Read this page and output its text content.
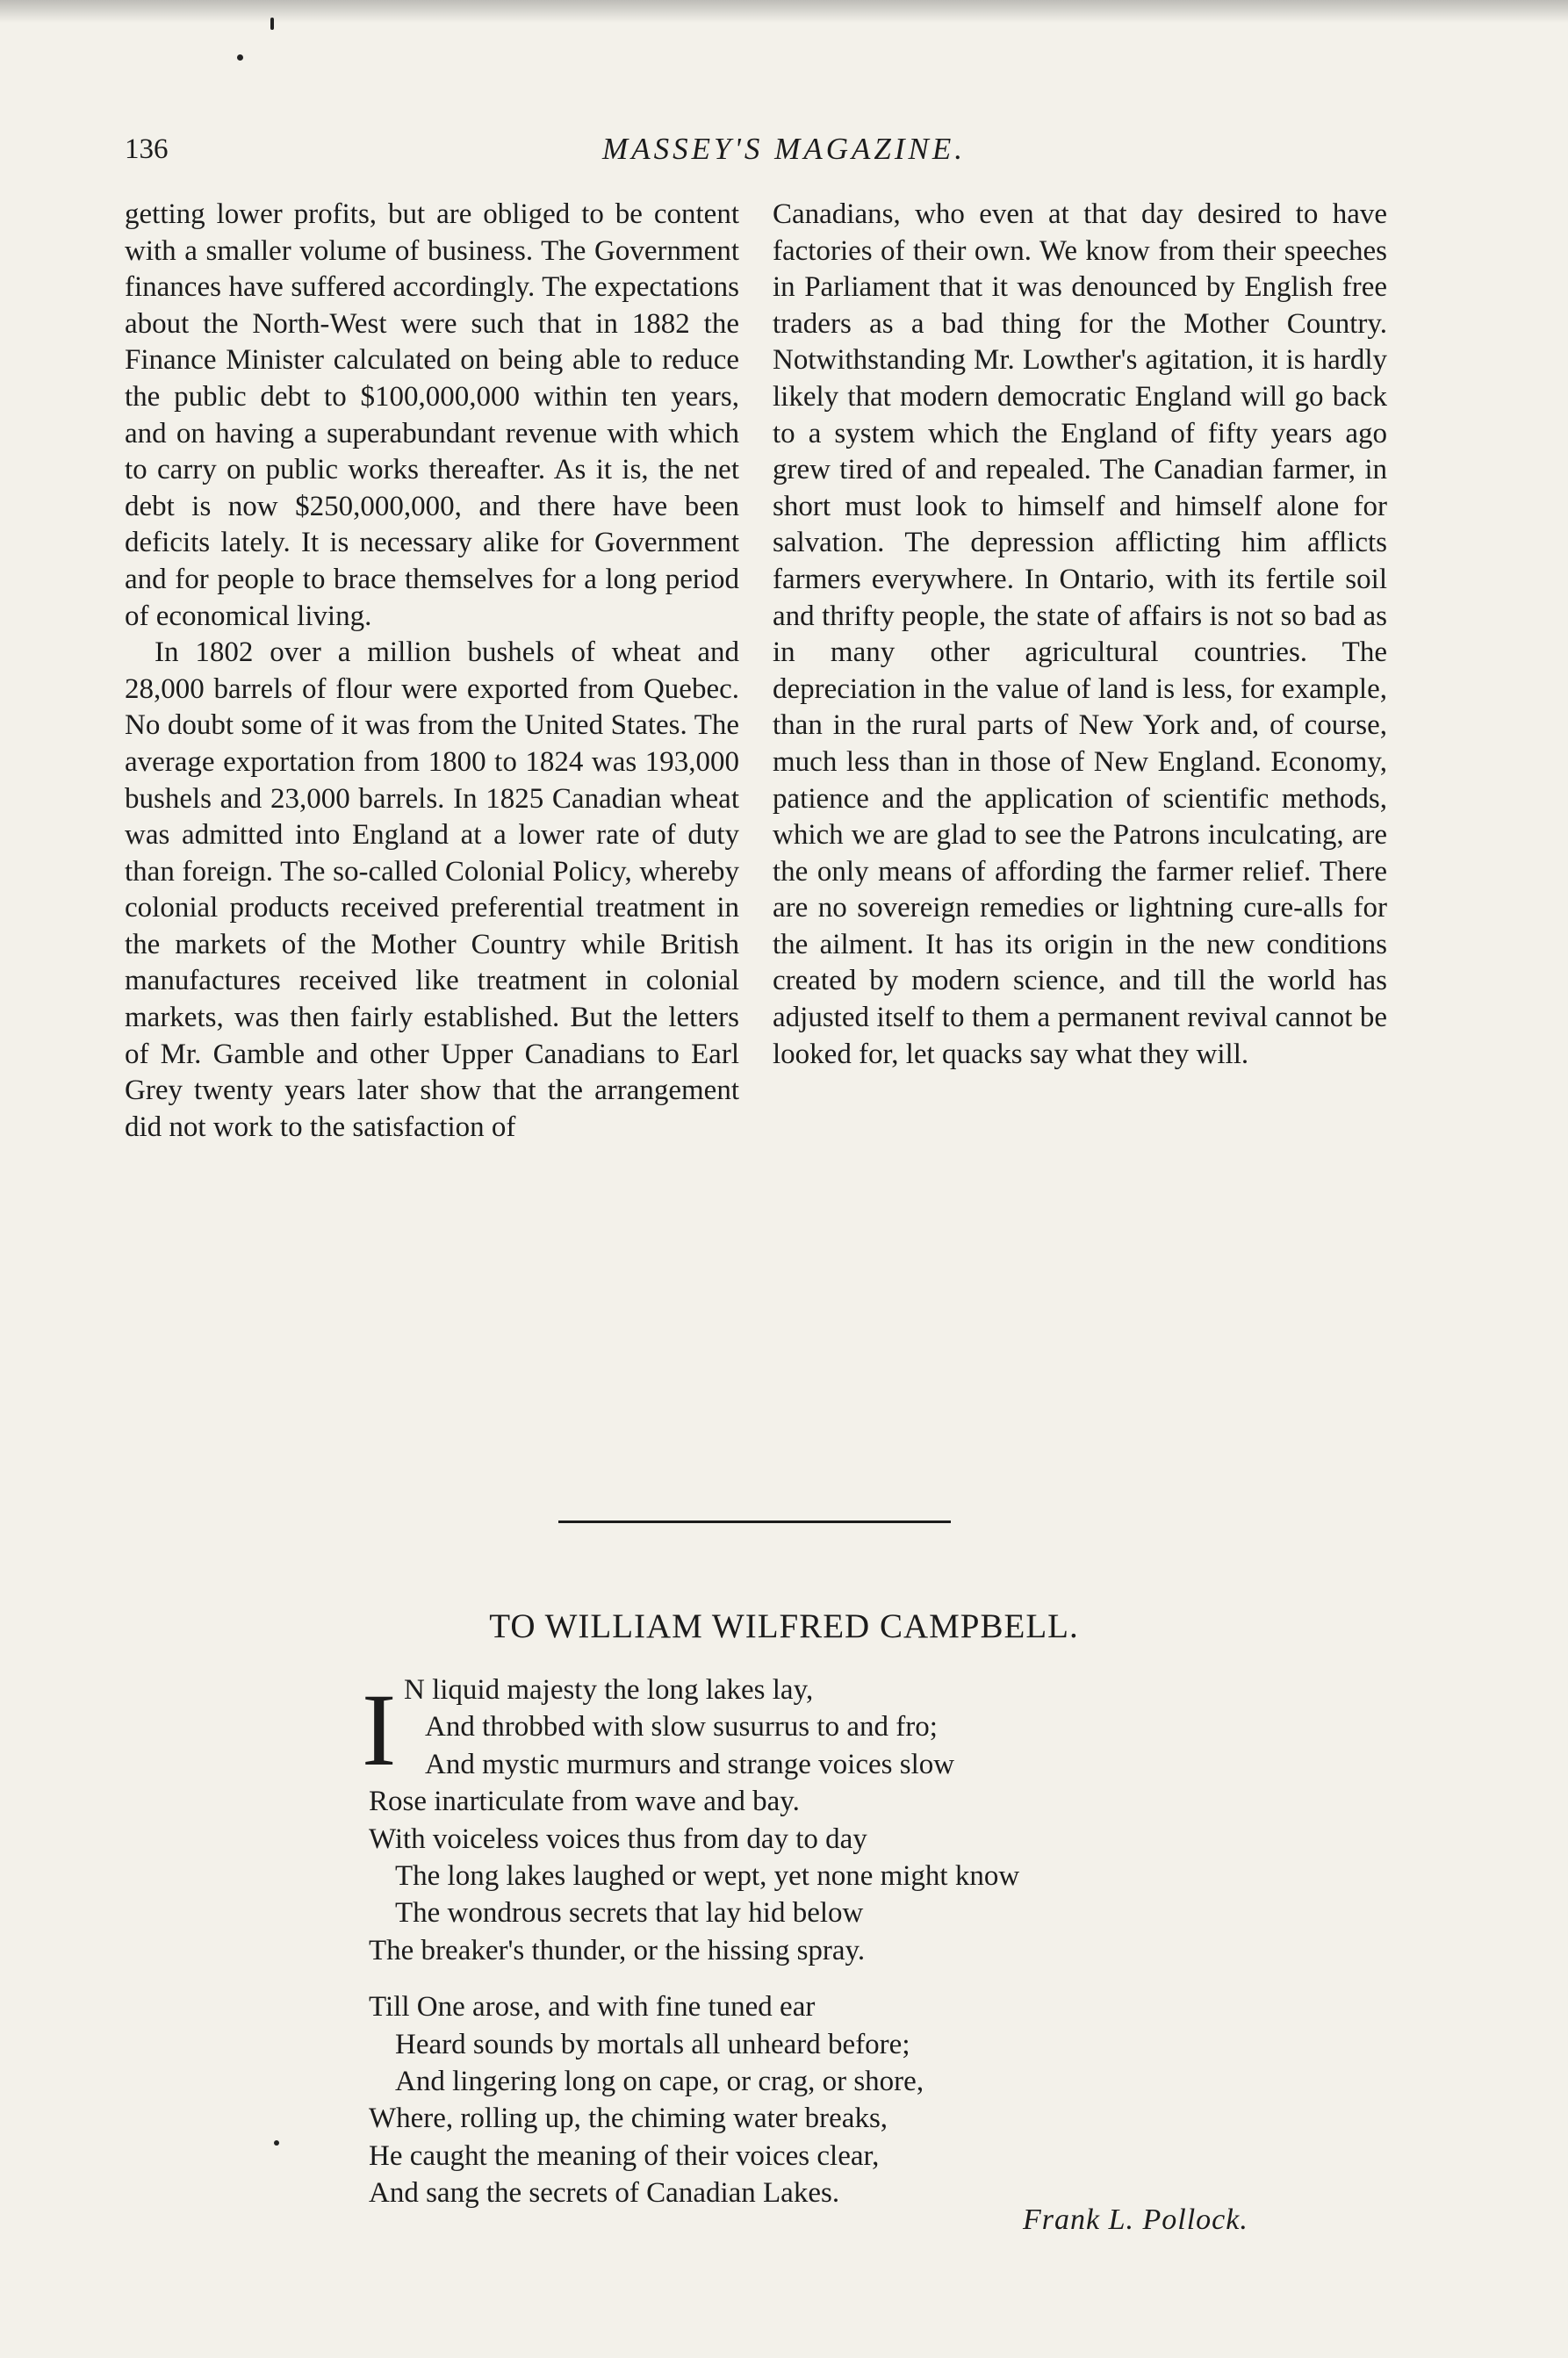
136	MASSEY'S MAGAZINE.

getting lower profits, but are obliged to be content with a smaller volume of business. The Government finances have suffered accordingly. The expectations about the North-West were such that in 1882 the Finance Minister calculated on being able to reduce the public debt to $100,000,000 within ten years, and on having a superabundant revenue with which to carry on public works thereafter. As it is, the net debt is now $250,000,000, and there have been deficits lately. It is necessary alike for Government and for people to brace themselves for a long period of economical living.

In 1802 over a million bushels of wheat and 28,000 barrels of flour were exported from Quebec. No doubt some of it was from the United States. The average exportation from 1800 to 1824 was 193,000 bushels and 23,000 barrels. In 1825 Canadian wheat was admitted into England at a lower rate of duty than foreign. The so-called Colonial Policy, whereby colonial products received preferential treatment in the markets of the Mother Country while British manufactures received like treatment in colonial markets, was then fairly established. But the letters of Mr. Gamble and other Upper Canadians to Earl Grey twenty years later show that the arrangement did not work to the satisfaction of

Canadians, who even at that day desired to have factories of their own. We know from their speeches in Parliament that it was denounced by English free traders as a bad thing for the Mother Country. Notwithstanding Mr. Lowther's agitation, it is hardly likely that modern democratic England will go back to a system which the England of fifty years ago grew tired of and repealed. The Canadian farmer, in short must look to himself and himself alone for salvation. The depression afflicting him afflicts farmers everywhere. In Ontario, with its fertile soil and thrifty people, the state of affairs is not so bad as in many other agricultural countries. The depreciation in the value of land is less, for example, than in the rural parts of New York and, of course, much less than in those of New England. Economy, patience and the application of scientific methods, which we are glad to see the Patrons inculcating, are the only means of affording the farmer relief. There are no sovereign remedies or lightning cure-alls for the ailment. It has its origin in the new conditions created by modern science, and till the world has adjusted itself to them a permanent revival cannot be looked for, let quacks say what they will.

TO WILLIAM WILFRED CAMPBELL.
I N liquid majesty the long lakes lay,
And throbbed with slow susurrus to and fro;
And mystic murmurs and strange voices slow
Rose inarticulate from wave and bay.
With voiceless voices thus from day to day
The long lakes laughed or wept, yet none might know
The wondrous secrets that lay hid below
The breaker's thunder, or the hissing spray.
Till One arose, and with fine tuned ear
Heard sounds by mortals all unheard before;
And lingering long on cape, or crag, or shore,
Where, rolling up, the chiming water breaks,
He caught the meaning of their voices clear,
And sang the secrets of Canadian Lakes.
Frank L. Pollock.
